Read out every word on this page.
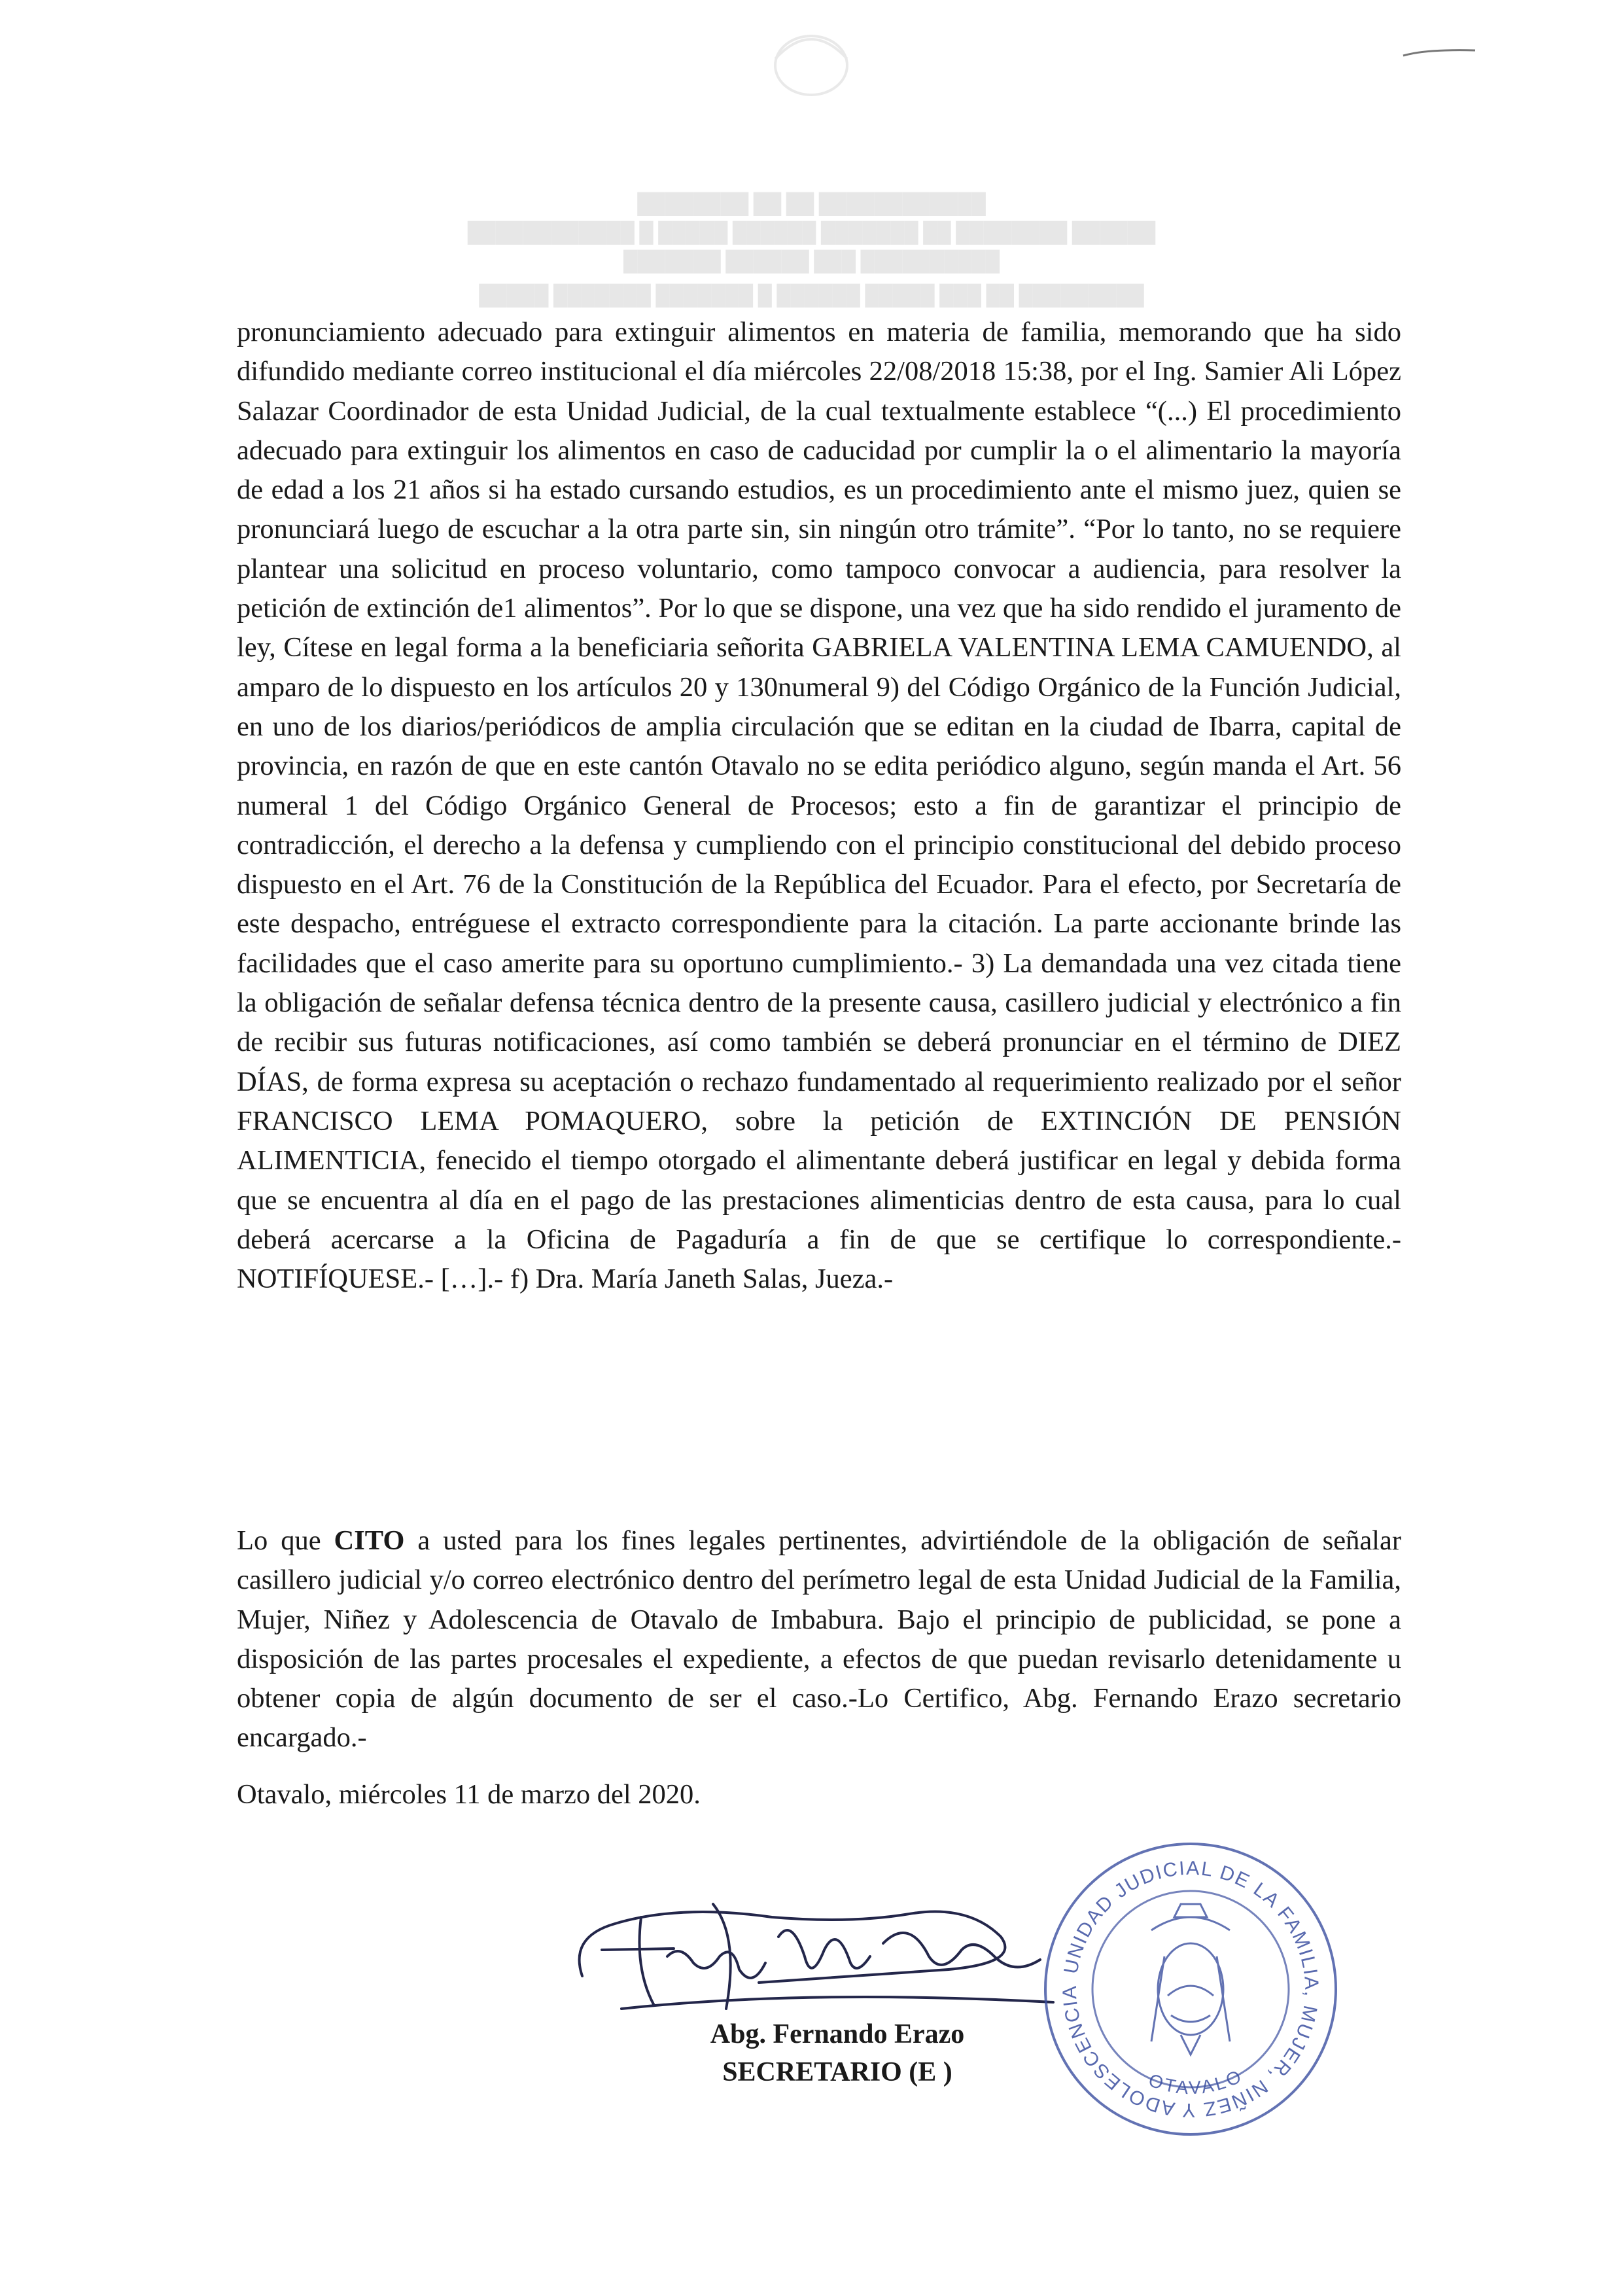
████████████ ██ ██ ████████
██████ ████████ ██ ███████ ██████ █████ █ ████████████
██████████ ███ ██████ ███████
█████████ ██ ███ █████ ██████ █ ███████ ███████ █████

pronunciamiento adecuado para extinguir alimentos en materia de familia, memorando que ha sido difundido mediante correo institucional el día miércoles 22/08/2018 15:38, por el Ing. Samier Ali López Salazar Coordinador de esta Unidad Judicial, de la cual textualmente establece “(...) El procedimiento adecuado para extinguir los alimentos en caso de caducidad por cumplir la o el alimentario la mayoría de edad a los 21 años si ha estado cursando estudios, es un procedimiento ante el mismo juez, quien se pronunciará luego de escuchar a la otra parte sin, sin ningún otro trámite”. “Por lo tanto, no se requiere plantear una solicitud en proceso voluntario, como tampoco convocar a audiencia, para resolver la petición de extinción de1 alimentos”. Por lo que se dispone, una vez que ha sido rendido el juramento de ley, Cítese en legal forma a la beneficiaria señorita GABRIELA VALENTINA LEMA CAMUENDO, al amparo de lo dispuesto en los artículos 20 y 130numeral 9) del Código Orgánico de la Función Judicial, en uno de los diarios/periódicos de amplia circulación que se editan en la ciudad de Ibarra, capital de provincia, en razón de que en este cantón Otavalo no se edita periódico alguno, según manda el Art. 56 numeral 1 del Código Orgánico General de Procesos; esto a fin de garantizar el principio de contradicción, el derecho a la defensa y cumpliendo con el principio constitucional del debido proceso dispuesto en el Art. 76 de la Constitución de la República del Ecuador. Para el efecto, por Secretaría de este despacho, entréguese el extracto correspondiente para la citación. La parte accionante brinde las facilidades que el caso amerite para su oportuno cumplimiento.- 3) La demandada una vez citada tiene la obligación de señalar defensa técnica dentro de la presente causa, casillero judicial y electrónico a fin de recibir sus futuras notificaciones, así como también se deberá pronunciar en el término de DIEZ DÍAS, de forma expresa su aceptación o rechazo fundamentado al requerimiento realizado por el señor FRANCISCO LEMA POMAQUERO, sobre la petición de EXTINCIÓN DE PENSIÓN ALIMENTICIA, fenecido el tiempo otorgado el alimentante deberá justificar en legal y debida forma que se encuentra al día en el pago de las prestaciones alimenticias dentro de esta causa, para lo cual deberá acercarse a la Oficina de Pagaduría a fin de que se certifique lo correspondiente.- NOTIFÍQUESE.- […].- f) Dra. María Janeth Salas, Jueza.-

Lo que CITO a usted para los fines legales pertinentes, advirtiéndole de la obligación de señalar casillero judicial y/o correo electrónico dentro del perímetro legal de esta Unidad Judicial de la Familia, Mujer, Niñez y Adolescencia de Otavalo de Imbabura. Bajo el principio de publicidad, se pone a disposición de las partes procesales el expediente, a efectos de que puedan revisarlo detenidamente u obtener copia de algún documento de ser el caso.-Lo Certifico, Abg. Fernando Erazo secretario encargado.-

Otavalo, miércoles 11 de marzo del 2020.

Abg. Fernando Erazo
SECRETARIO (E )
UNIDAD JUDICIAL DE LA FAMILIA, MUJER, NIÑEZ Y ADOLESCENCIA
OTAVALO
